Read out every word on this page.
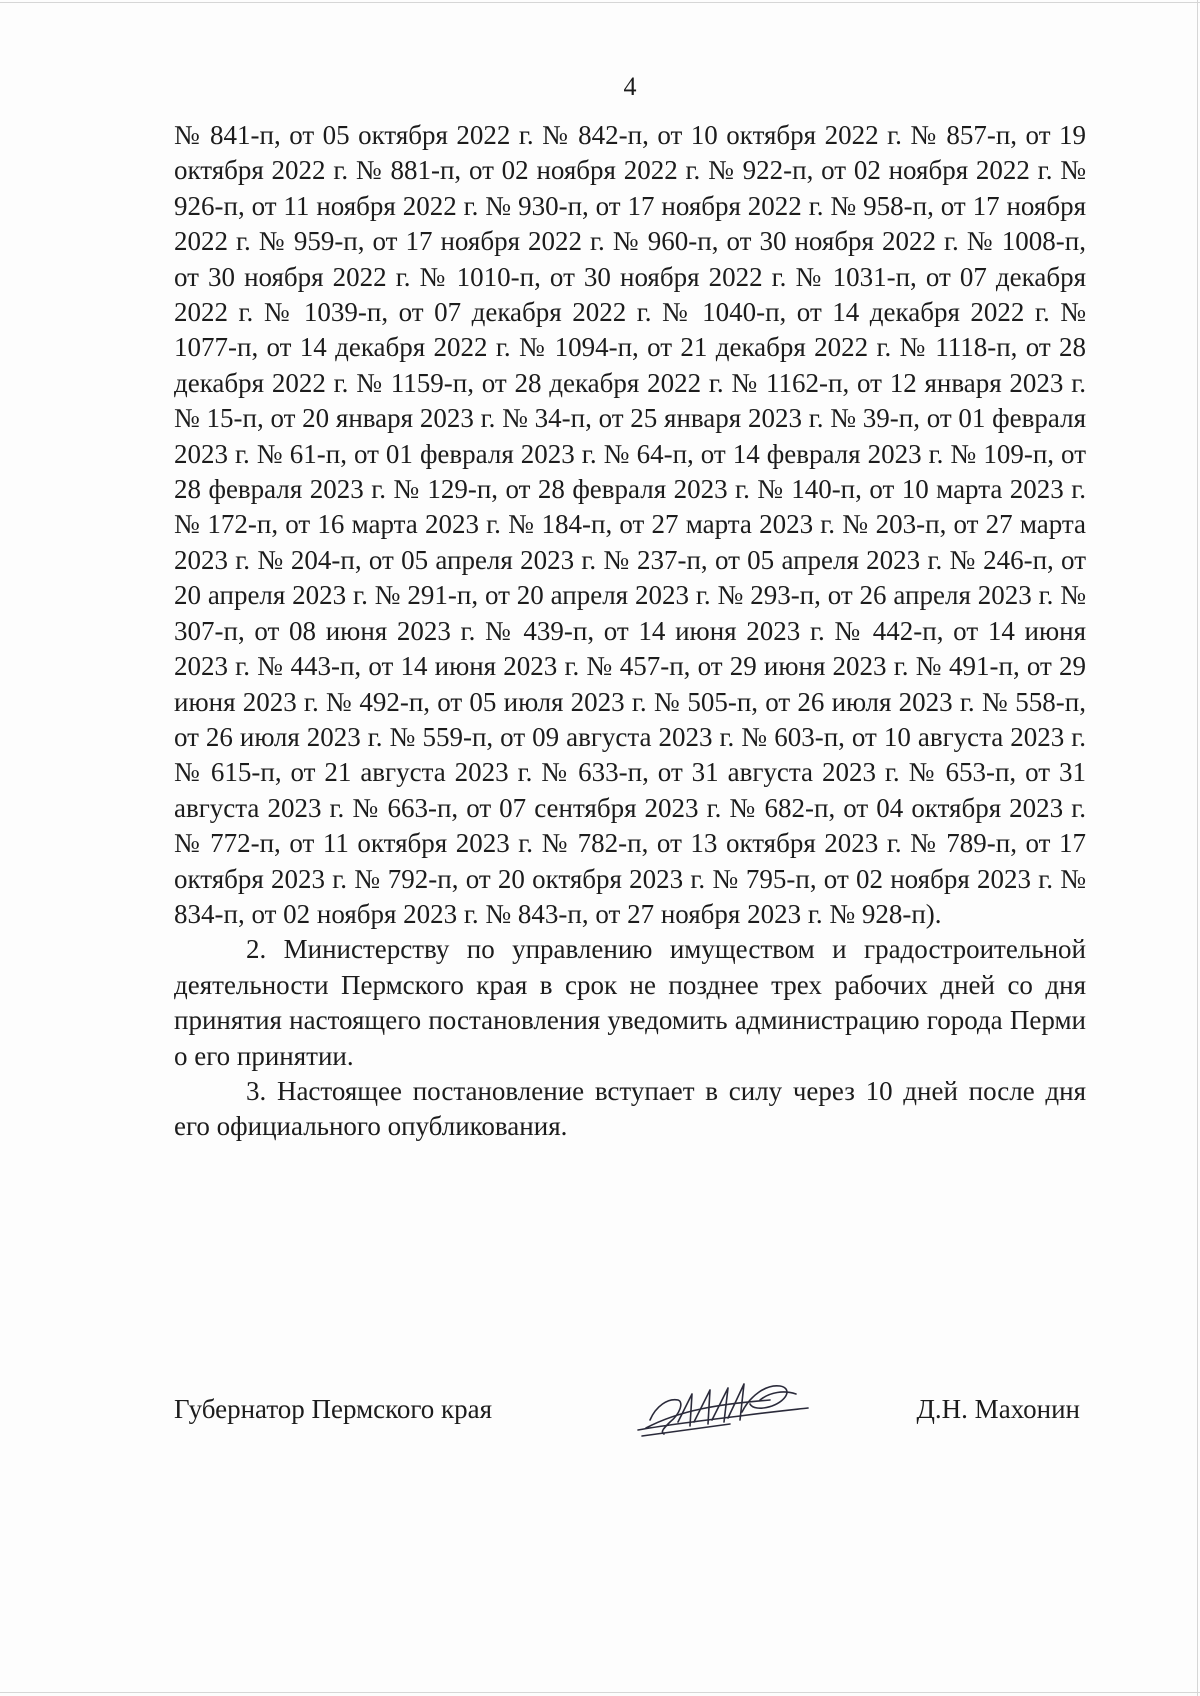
4

№ 841-п, от 05 октября 2022 г. № 842-п, от 10 октября 2022 г. № 857-п, от 19 октября 2022 г. № 881-п, от 02 ноября 2022 г. № 922-п, от 02 ноября 2022 г. № 926-п, от 11 ноября 2022 г. № 930-п, от 17 ноября 2022 г. № 958-п, от 17 ноября 2022 г. № 959-п, от 17 ноября 2022 г. № 960-п, от 30 ноября 2022 г. № 1008-п, от 30 ноября 2022 г. № 1010-п, от 30 ноября 2022 г. № 1031-п, от 07 декабря 2022 г. № 1039-п, от 07 декабря 2022 г. № 1040-п, от 14 декабря 2022 г. № 1077-п, от 14 декабря 2022 г. № 1094-п, от 21 декабря 2022 г. № 1118-п, от 28 декабря 2022 г. № 1159-п, от 28 декабря 2022 г. № 1162-п, от 12 января 2023 г. № 15-п, от 20 января 2023 г. № 34-п, от 25 января 2023 г. № 39-п, от 01 февраля 2023 г. № 61-п, от 01 февраля 2023 г. № 64-п, от 14 февраля 2023 г. № 109-п, от 28 февраля 2023 г. № 129-п, от 28 февраля 2023 г. № 140-п, от 10 марта 2023 г. № 172-п, от 16 марта 2023 г. № 184-п, от 27 марта 2023 г. № 203-п, от 27 марта 2023 г. № 204-п, от 05 апреля 2023 г. № 237-п, от 05 апреля 2023 г. № 246-п, от 20 апреля 2023 г. № 291-п, от 20 апреля 2023 г. № 293-п, от 26 апреля 2023 г. № 307-п, от 08 июня 2023 г. № 439-п, от 14 июня 2023 г. № 442-п, от 14 июня 2023 г. № 443-п, от 14 июня 2023 г. № 457-п, от 29 июня 2023 г. № 491-п, от 29 июня 2023 г. № 492-п, от 05 июля 2023 г. № 505-п, от 26 июля 2023 г. № 558-п, от 26 июля 2023 г. № 559-п, от 09 августа 2023 г. № 603-п, от 10 августа 2023 г. № 615-п, от 21 августа 2023 г. № 633-п, от 31 августа 2023 г. № 653-п, от 31 августа 2023 г. № 663-п, от 07 сентября 2023 г. № 682-п, от 04 октября 2023 г. № 772-п, от 11 октября 2023 г. № 782-п, от 13 октября 2023 г. № 789-п, от 17 октября 2023 г. № 792-п, от 20 октября 2023 г. № 795-п, от 02 ноября 2023 г. № 834-п, от 02 ноября 2023 г. № 843-п, от 27 ноября 2023 г. № 928-п).

2. Министерству по управлению имуществом и градостроительной деятельности Пермского края в срок не позднее трех рабочих дней со дня принятия настоящего постановления уведомить администрацию города Перми о его принятии.

3. Настоящее постановление вступает в силу через 10 дней после дня его официального опубликования.

Губернатор Пермского края	Д.Н. Махонин
